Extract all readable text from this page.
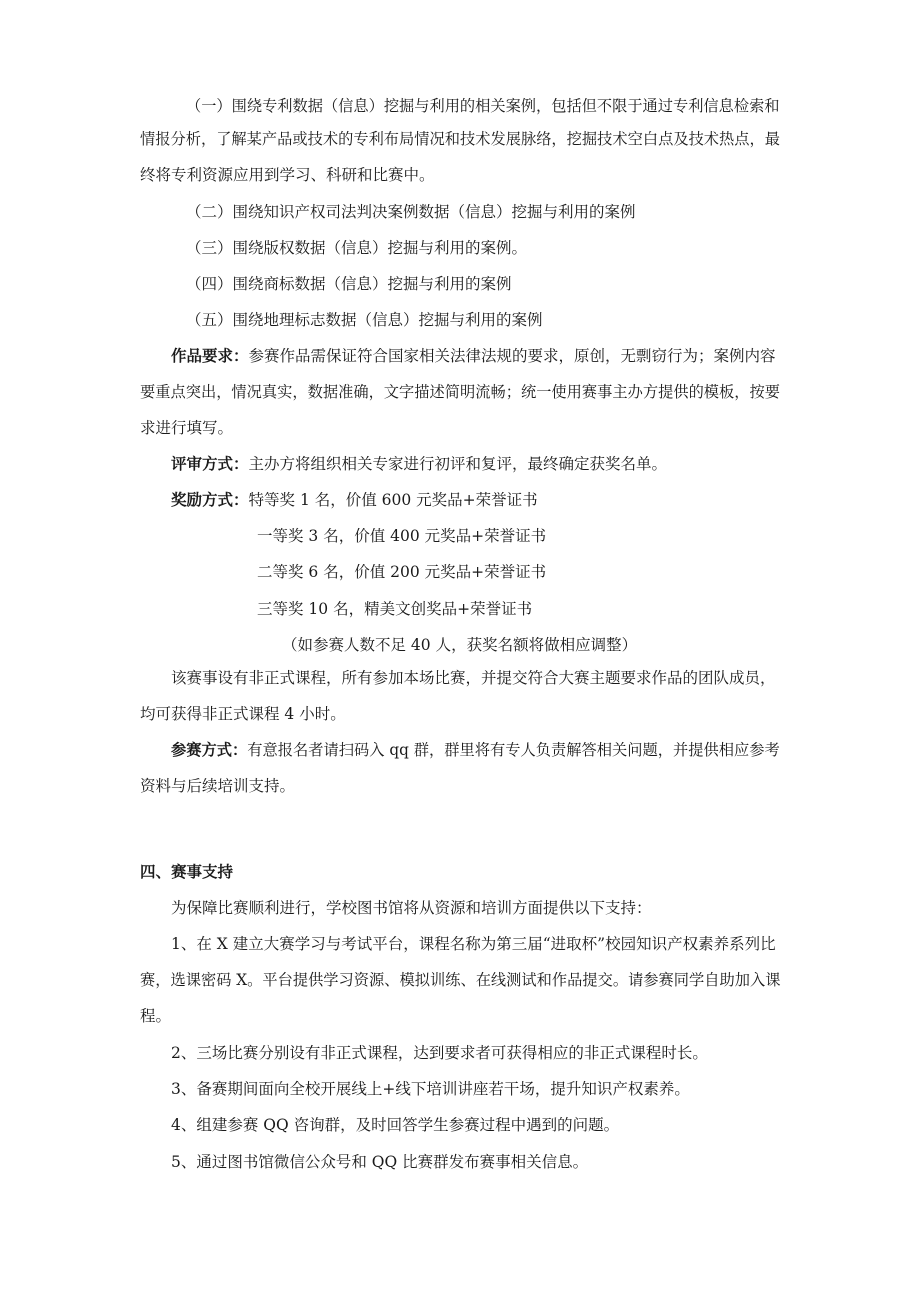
（一）围绕专利数据（信息）挖掘与利用的相关案例，包括但不限于通过专利信息检索和
情报分析，了解某产品或技术的专利布局情况和技术发展脉络，挖掘技术空白点及技术热点，最
终将专利资源应用到学习、科研和比赛中。
（二）围绕知识产权司法判决案例数据（信息）挖掘与利用的案例
（三）围绕版权数据（信息）挖掘与利用的案例。
（四）围绕商标数据（信息）挖掘与利用的案例
（五）围绕地理标志数据（信息）挖掘与利用的案例
作品要求：参赛作品需保证符合国家相关法律法规的要求，原创，无剽窃行为；案例内容
要重点突出，情况真实，数据准确，文字描述简明流畅；统一使用赛事主办方提供的模板，按要
求进行填写。
评审方式：主办方将组织相关专家进行初评和复评，最终确定获奖名单。
奖励方式：特等奖 1 名，价值 600 元奖品+荣誉证书
一等奖 3 名，价值 400 元奖品+荣誉证书
二等奖 6 名，价值 200 元奖品+荣誉证书
三等奖 10 名，精美文创奖品+荣誉证书
（如参赛人数不足 40 人，获奖名额将做相应调整）
该赛事设有非正式课程，所有参加本场比赛，并提交符合大赛主题要求作品的团队成员，
均可获得非正式课程 4 小时。
参赛方式：有意报名者请扫码入 qq 群，群里将有专人负责解答相关问题，并提供相应参考
资料与后续培训支持。
四、赛事支持
为保障比赛顺利进行，学校图书馆将从资源和培训方面提供以下支持：
1、在 X 建立大赛学习与考试平台，课程名称为第三届“进取杯”校园知识产权素养系列比
赛，选课密码 X。平台提供学习资源、模拟训练、在线测试和作品提交。请参赛同学自助加入课
程。
2、三场比赛分别设有非正式课程，达到要求者可获得相应的非正式课程时长。
3、备赛期间面向全校开展线上+线下培训讲座若干场，提升知识产权素养。
4、组建参赛 QQ 咨询群，及时回答学生参赛过程中遇到的问题。
5、通过图书馆微信公众号和 QQ 比赛群发布赛事相关信息。
